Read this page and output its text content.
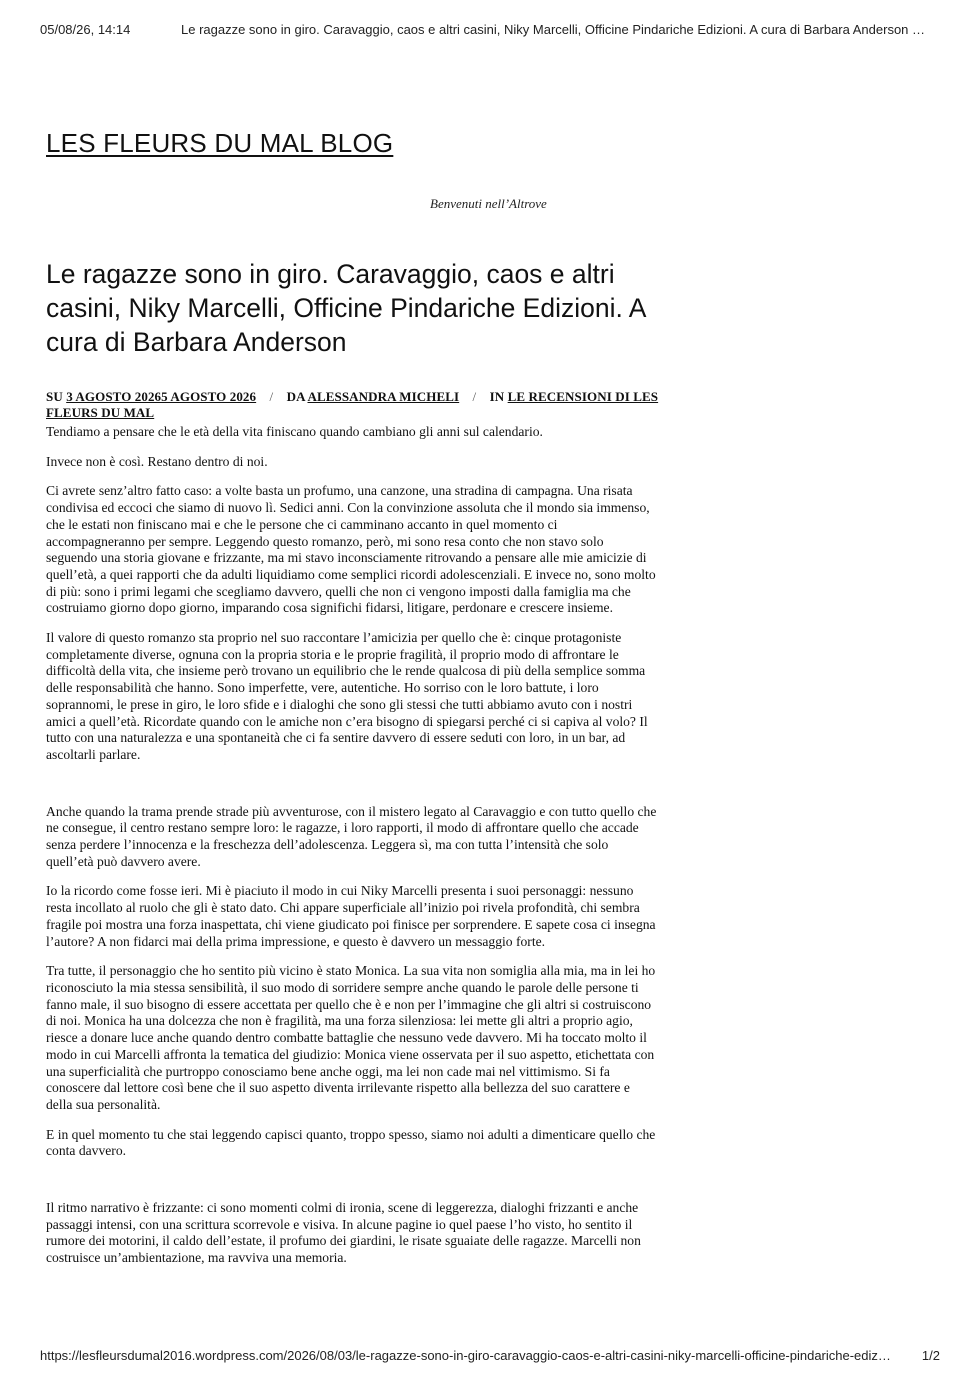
05/08/26, 14:14	Le ragazze sono in giro. Caravaggio, caos e altri casini, Niky Marcelli, Officine Pindariche Edizioni. A cura di Barbara Anderson …
LES FLEURS DU MAL BLOG
Benvenuti nell’Altrove
Le ragazze sono in giro. Caravaggio, caos e altri casini, Niky Marcelli, Officine Pindariche Edizioni. A cura di Barbara Anderson
SU 3 AGOSTO 20265 AGOSTO 2026 / DA ALESSANDRA MICHELI / IN LE RECENSIONI DI LES FLEURS DU MAL

Tendiamo a pensare che le età della vita finiscano quando cambiano gli anni sul calendario.

Invece non è così. Restano dentro di noi.

Ci avrete senz’altro fatto caso: a volte basta un profumo, una canzone, una stradina di campagna. Una risata condivisa ed eccoci che siamo di nuovo lì. Sedici anni. Con la convinzione assoluta che il mondo sia immenso, che le estati non finiscano mai e che le persone che ci camminano accanto in quel momento ci accompagneranno per sempre. Leggendo questo romanzo, però, mi sono resa conto che non stavo solo seguendo una storia giovane e frizzante, ma mi stavo inconsciamente ritrovando a pensare alle mie amicizie di quell’età, a quei rapporti che da adulti liquidiamo come semplici ricordi adolescenziali. E invece no, sono molto di più: sono i primi legami che scegliamo davvero, quelli che non ci vengono imposti dalla famiglia ma che costruiamo giorno dopo giorno, imparando cosa significhi fidarsi, litigare, perdonare e crescere insieme.

Il valore di questo romanzo sta proprio nel suo raccontare l’amicizia per quello che è: cinque protagoniste completamente diverse, ognuna con la propria storia e le proprie fragilità, il proprio modo di affrontare le difficoltà della vita, che insieme però trovano un equilibrio che le rende qualcosa di più della semplice somma delle responsabilità che hanno. Sono imperfette, vere, autentiche. Ho sorriso con le loro battute, i loro soprannomi, le prese in giro, le loro sfide e i dialoghi che sono gli stessi che tutti abbiamo avuto con i nostri amici a quell’età. Ricordate quando con le amiche non c’era bisogno di spiegarsi perché ci si capiva al volo? Il tutto con una naturalezza e una spontaneità che ci fa sentire davvero di essere seduti con loro, in un bar, ad ascoltarli parlare.

Anche quando la trama prende strade più avventurose, con il mistero legato al Caravaggio e con tutto quello che ne consegue, il centro restano sempre loro: le ragazze, i loro rapporti, il modo di affrontare quello che accade senza perdere l’innocenza e la freschezza dell’adolescenza. Leggera sì, ma con tutta l’intensità che solo quell’età può davvero avere.

Io la ricordo come fosse ieri. Mi è piaciuto il modo in cui Niky Marcelli presenta i suoi personaggi: nessuno resta incollato al ruolo che gli è stato dato. Chi appare superficiale all’inizio poi rivela profondità, chi sembra fragile poi mostra una forza inaspettata, chi viene giudicato poi finisce per sorprendere. E sapete cosa ci insegna l’autore? A non fidarci mai della prima impressione, e questo è davvero un messaggio forte.

Tra tutte, il personaggio che ho sentito più vicino è stato Monica. La sua vita non somiglia alla mia, ma in lei ho riconosciuto la mia stessa sensibilità, il suo modo di sorridere sempre anche quando le parole delle persone ti fanno male, il suo bisogno di essere accettata per quello che è e non per l’immagine che gli altri si costruiscono di noi. Monica ha una dolcezza che non è fragilità, ma una forza silenziosa: lei mette gli altri a proprio agio, riesce a donare luce anche quando dentro combatte battaglie che nessuno vede davvero. Mi ha toccato molto il modo in cui Marcelli affronta la tematica del giudizio: Monica viene osservata per il suo aspetto, etichettata con una superficialità che purtroppo conosciamo bene anche oggi, ma lei non cade mai nel vittimismo. Si fa conoscere dal lettore così bene che il suo aspetto diventa irrilevante rispetto alla bellezza del suo carattere e della sua personalità.

E in quel momento tu che stai leggendo capisci quanto, troppo spesso, siamo noi adulti a dimenticare quello che conta davvero.

Il ritmo narrativo è frizzante: ci sono momenti colmi di ironia, scene di leggerezza, dialoghi frizzanti e anche passaggi intensi, con una scrittura scorrevole e visiva. In alcune pagine io quel paese l’ho visto, ho sentito il rumore dei motorini, il caldo dell’estate, il profumo dei giardini, le risate sguaiate delle ragazze. Marcelli non costruisce un’ambientazione, ma ravviva una memoria.

https://lesfleursdumal2016.wordpress.com/2026/08/03/le-ragazze-sono-in-giro-caravaggio-caos-e-altri-casini-niky-marcelli-officine-pindariche-ediz…	1/2
